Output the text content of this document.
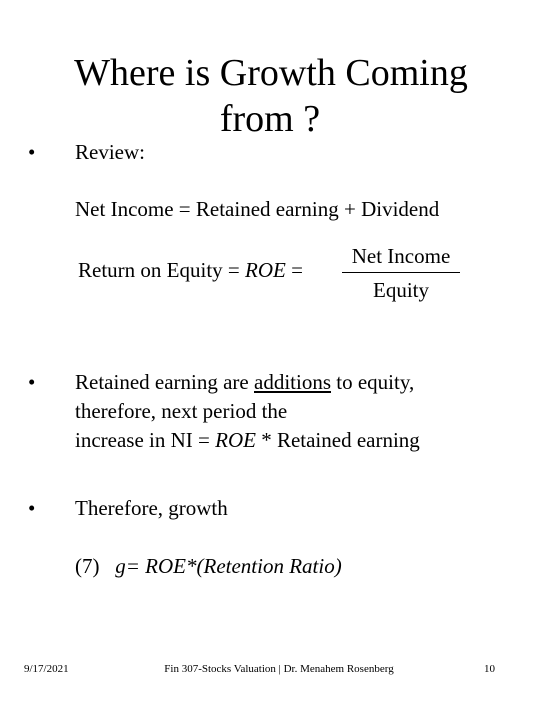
Where is Growth Coming
from ?
• Review:
Net Income = Retained earning + Dividend
Return on Equity = ROE =
Net Income
Equity
• Retained earning are additions to equity,
therefore, next period the
increase in NI = ROE * Retained earning
• Therefore, growth
(7) g= ROE*(Retention Ratio)
9/17/2021	Fin 307-Stocks Valuation | Dr. Menahem Rosenberg	10
